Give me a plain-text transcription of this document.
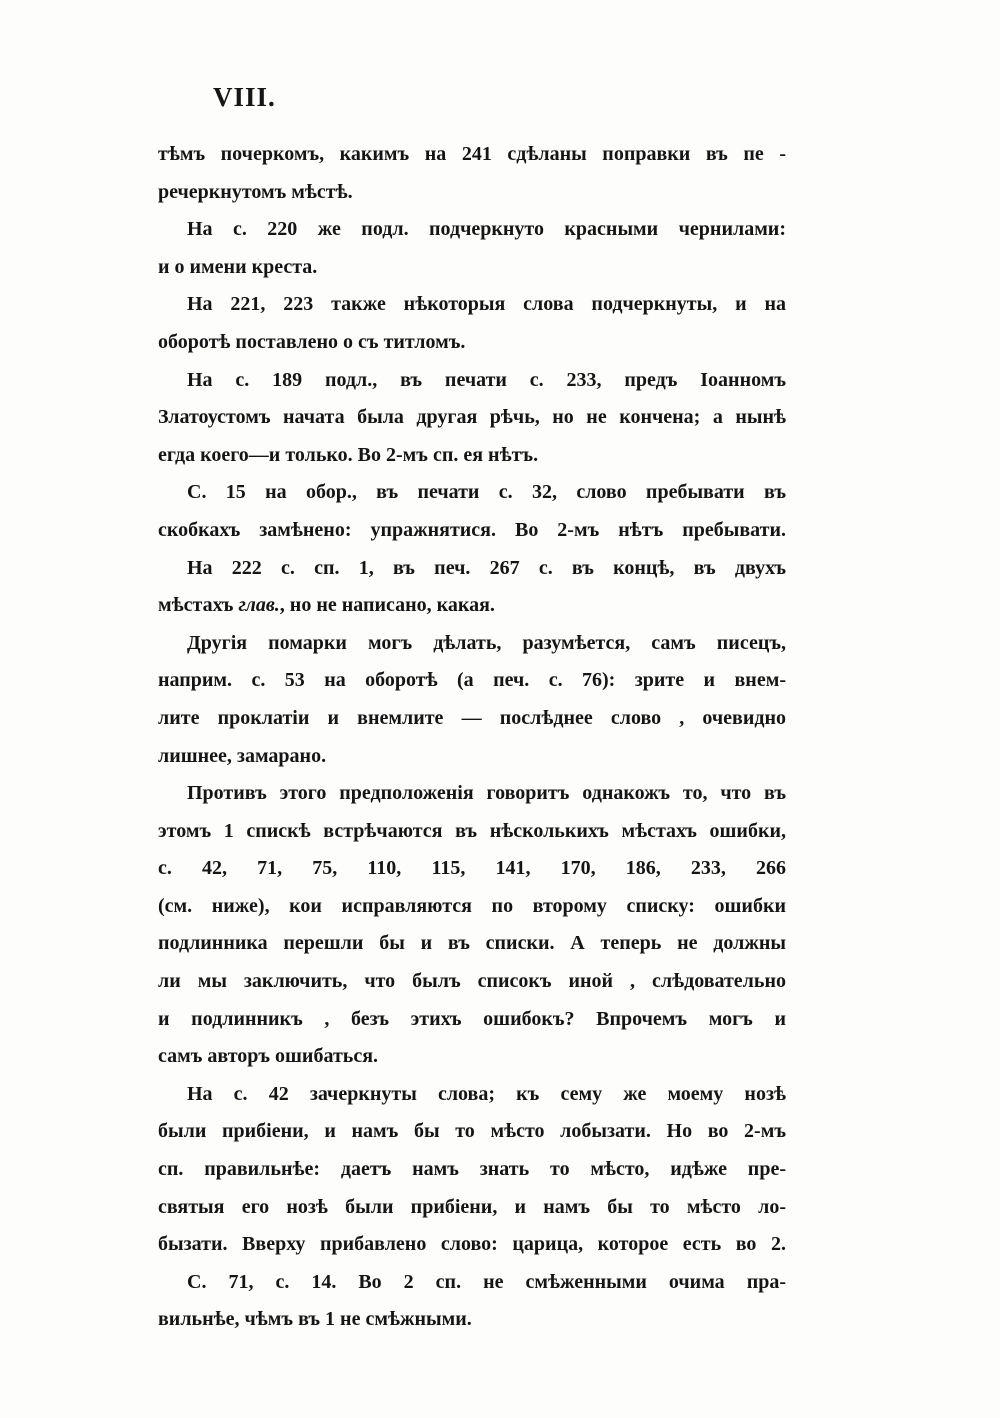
VIII.
тѣмъ почеркомъ, какимъ на 241 сдѣланы поправки въ пе -
речеркнутомъ мѣстѣ.
На с. 220 же подл. подчеркнуто красными чернилами:
и о имени креста.
На 221, 223 также нѣкоторыя слова подчеркнуты, и на
оборотѣ поставлено о съ титломъ.
На с. 189 подл., въ печати с. 233, предъ Іоанномъ
Златоустомъ начата была другая рѣчь, но не кончена; а нынѣ
егда коего—и только. Во 2-мъ сп. ея нѣтъ.
С. 15 на обор., въ печати с. 32, слово пребывати въ
скобкахъ замѣнено: упражнятися. Во 2-мъ нѣтъ пребывати.
На 222 с. сп. 1, въ печ. 267 с. въ концѣ, въ двухъ
мѣстахъ глав., но не написано, какая.
Другія помарки могъ дѣлать, разумѣется, самъ писецъ,
наприм. с. 53 на оборотѣ (а печ. с. 76): зрите и внем-
лите проклатіи и внемлите — послѣднее слово , очевидно
лишнее, замарано.
Противъ этого предположенія говоритъ однакожъ то, что въ
этомъ 1 спискѣ встрѣчаются въ нѣсколькихъ мѣстахъ ошибки,
с. 42, 71, 75, 110, 115, 141, 170, 186, 233, 266
(см. ниже), кои исправляются по второму списку: ошибки
подлинника перешли бы и въ списки. А теперь не должны
ли мы заключить, что былъ списокъ иной , слѣдовательно
и подлинникъ , безъ этихъ ошибокъ? Впрочемъ могъ и
самъ авторъ ошибаться.
На с. 42 зачеркнуты слова; къ сему же моему нозѣ
были прибіени, и намъ бы то мѣсто лобызати. Но во 2-мъ
сп. правильнѣе: даетъ намъ знать то мѣсто, идѣже пре-
святыя его нозѣ были прибіени, и намъ бы то мѣсто ло-
бызати. Вверху прибавлено слово: царица, которое есть во 2.
С. 71, с. 14. Во 2 сп. не смѣженными очима пра-
вильнѣе, чѣмъ въ 1 не смѣжными.
